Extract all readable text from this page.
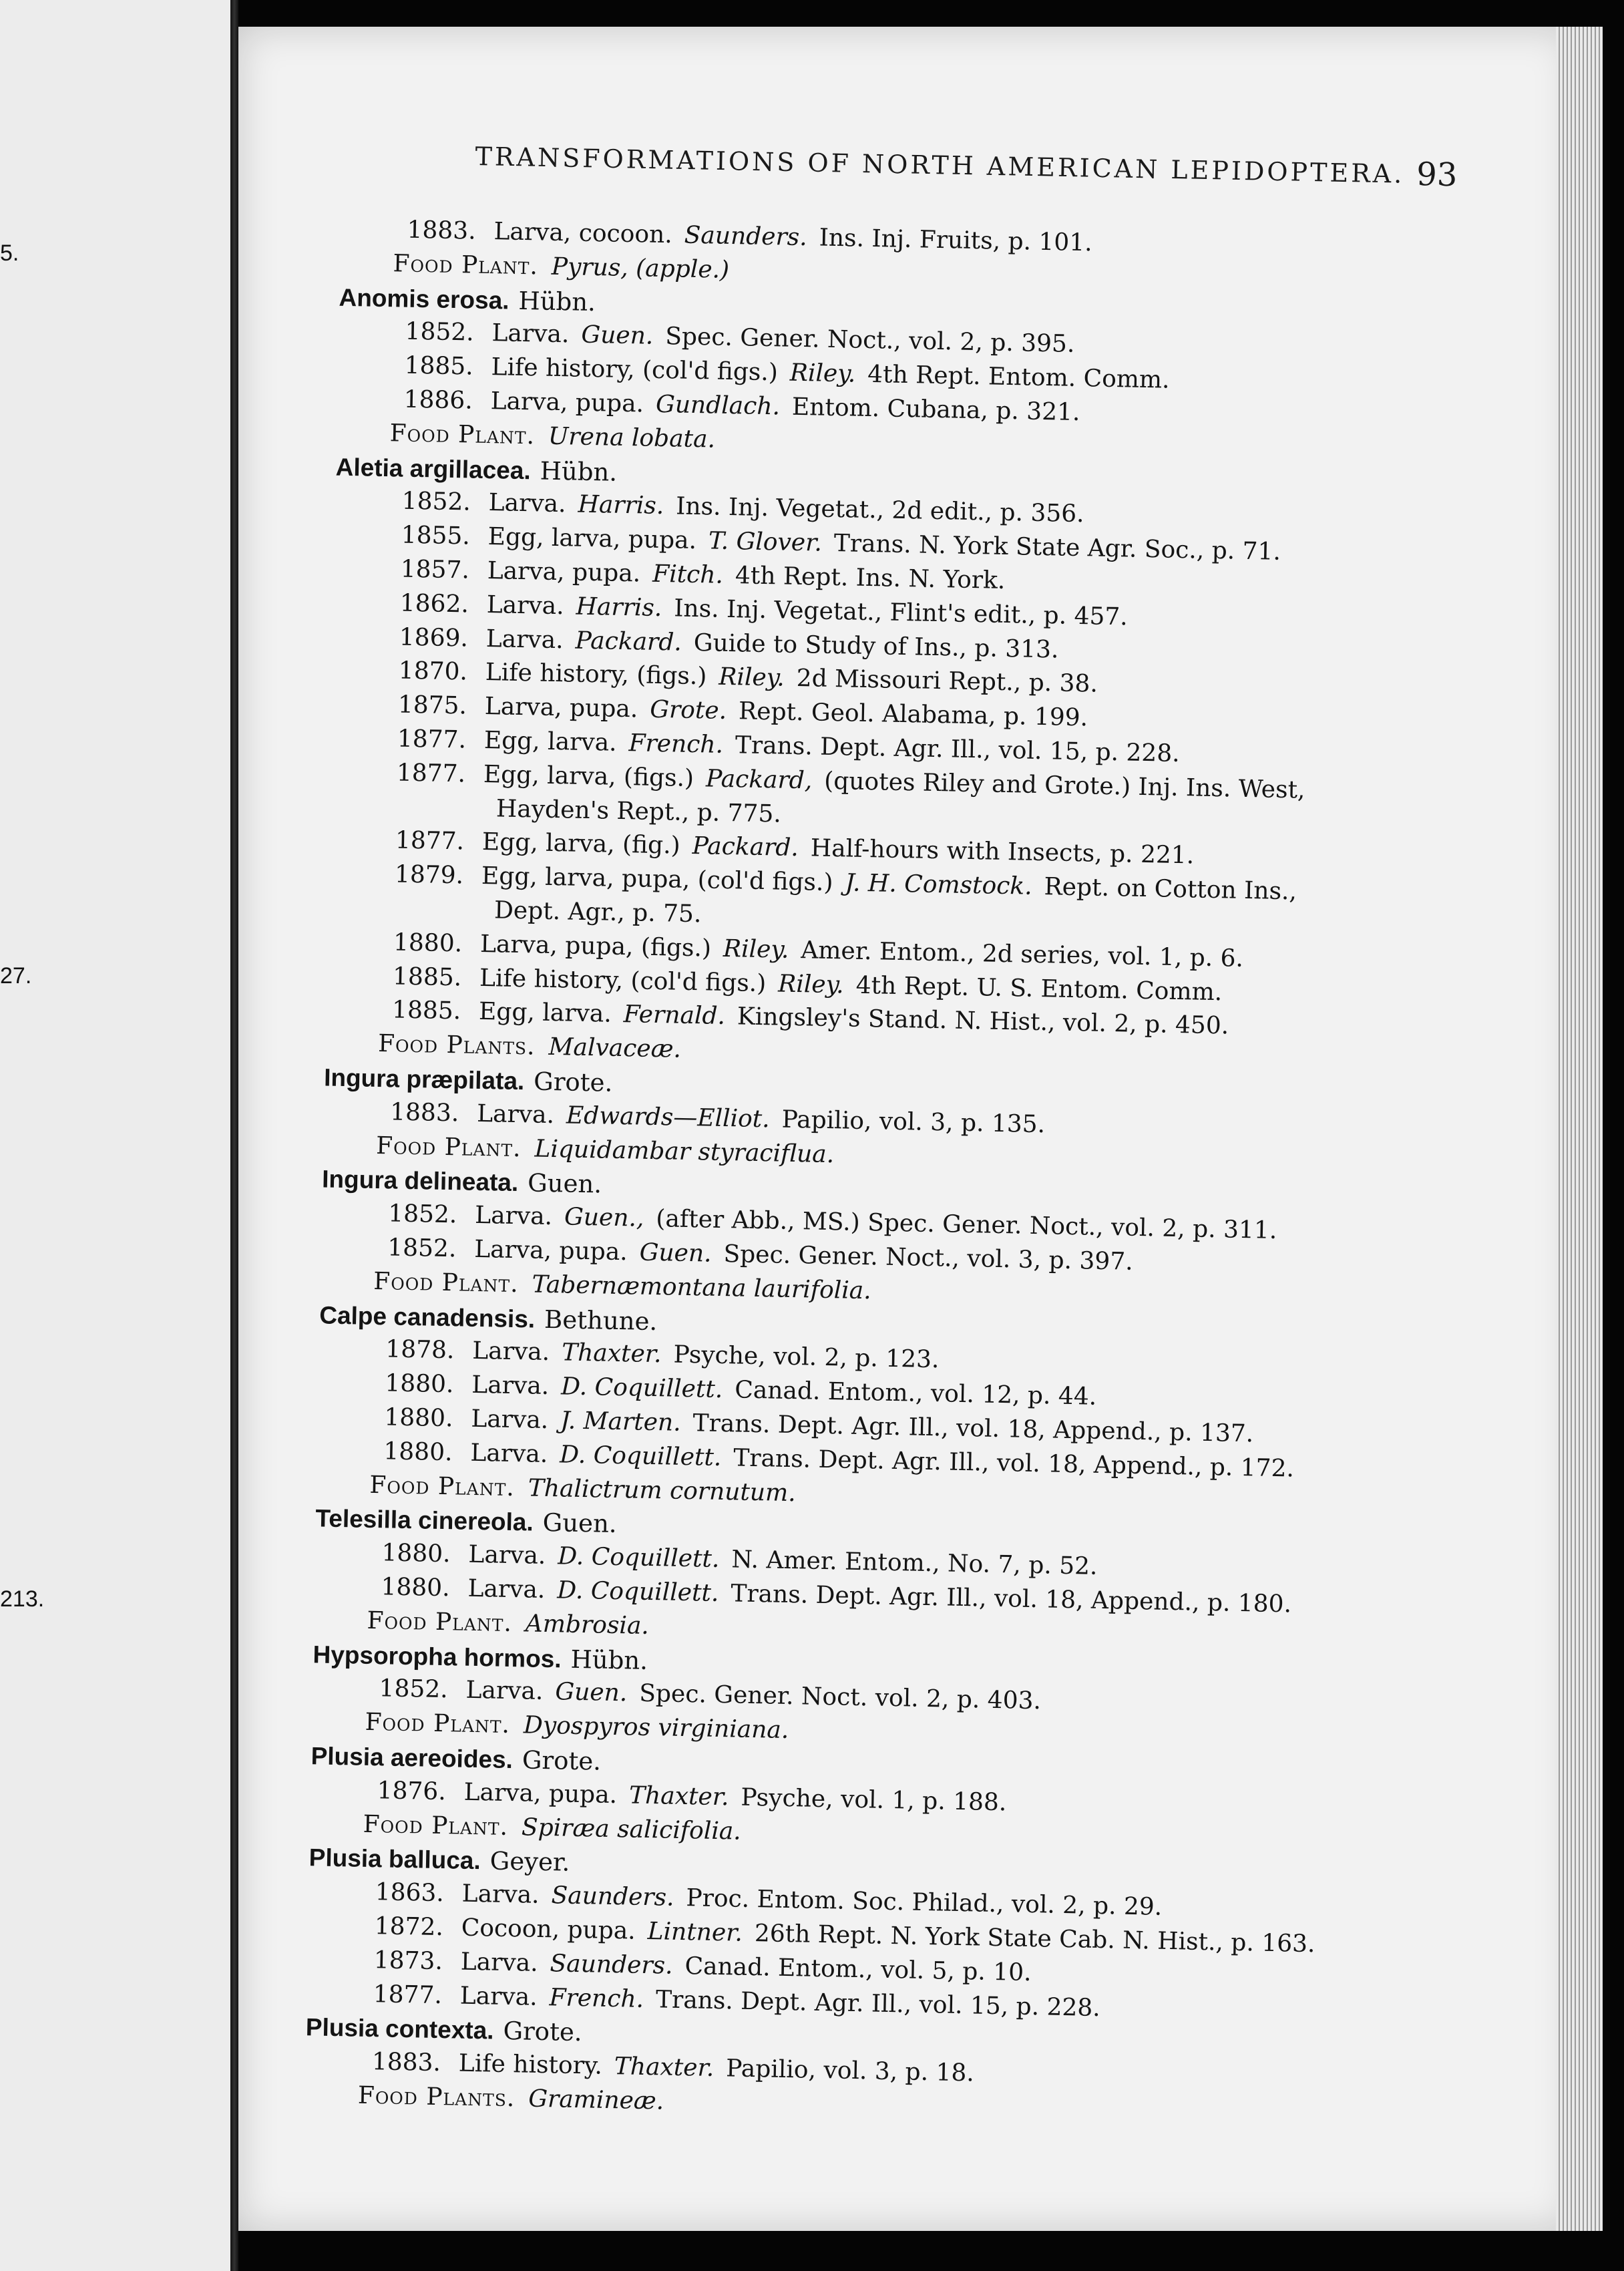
5.
27.
213.
TRANSFORMATIONS OF NORTH AMERICAN LEPIDOPTERA. 93
1883. Larva, cocoon. Saunders. Ins. Inj. Fruits, p. 101.
Food Plant. Pyrus, (apple.)
Anomis erosa. Hübn.
1852. Larva. Guen. Spec. Gener. Noct., vol. 2, p. 395.
1885. Life history, (col'd figs.) Riley. 4th Rept. Entom. Comm.
1886. Larva, pupa. Gundlach. Entom. Cubana, p. 321.
Food Plant. Urena lobata.
Aletia argillacea. Hübn.
1852. Larva. Harris. Ins. Inj. Vegetat., 2d edit., p. 356.
1855. Egg, larva, pupa. T. Glover. Trans. N. York State Agr. Soc., p. 71.
1857. Larva, pupa. Fitch. 4th Rept. Ins. N. York.
1862. Larva. Harris. Ins. Inj. Vegetat., Flint's edit., p. 457.
1869. Larva. Packard. Guide to Study of Ins., p. 313.
1870. Life history, (figs.) Riley. 2d Missouri Rept., p. 38.
1875. Larva, pupa. Grote. Rept. Geol. Alabama, p. 199.
1877. Egg, larva. French. Trans. Dept. Agr. Ill., vol. 15, p. 228.
1877. Egg, larva, (figs.) Packard, (quotes Riley and Grote.) Inj. Ins. West,
Hayden's Rept., p. 775.
1877. Egg, larva, (fig.) Packard. Half-hours with Insects, p. 221.
1879. Egg, larva, pupa, (col'd figs.) J. H. Comstock. Rept. on Cotton Ins.,
Dept. Agr., p. 75.
1880. Larva, pupa, (figs.) Riley. Amer. Entom., 2d series, vol. 1, p. 6.
1885. Life history, (col'd figs.) Riley. 4th Rept. U. S. Entom. Comm.
1885. Egg, larva. Fernald. Kingsley's Stand. N. Hist., vol. 2, p. 450.
Food Plants. Malvaceæ.
Ingura præpilata. Grote.
1883. Larva. Edwards—Elliot. Papilio, vol. 3, p. 135.
Food Plant. Liquidambar styraciflua.
Ingura delineata. Guen.
1852. Larva. Guen., (after Abb., MS.) Spec. Gener. Noct., vol. 2, p. 311.
1852. Larva, pupa. Guen. Spec. Gener. Noct., vol. 3, p. 397.
Food Plant. Tabernæmontana laurifolia.
Calpe canadensis. Bethune.
1878. Larva. Thaxter. Psyche, vol. 2, p. 123.
1880. Larva. D. Coquillett. Canad. Entom., vol. 12, p. 44.
1880. Larva. J. Marten. Trans. Dept. Agr. Ill., vol. 18, Append., p. 137.
1880. Larva. D. Coquillett. Trans. Dept. Agr. Ill., vol. 18, Append., p. 172.
Food Plant. Thalictrum cornutum.
Telesilla cinereola. Guen.
1880. Larva. D. Coquillett. N. Amer. Entom., No. 7, p. 52.
1880. Larva. D. Coquillett. Trans. Dept. Agr. Ill., vol. 18, Append., p. 180.
Food Plant. Ambrosia.
Hypsoropha hormos. Hübn.
1852. Larva. Guen. Spec. Gener. Noct. vol. 2, p. 403.
Food Plant. Dyospyros virginiana.
Plusia aereoides. Grote.
1876. Larva, pupa. Thaxter. Psyche, vol. 1, p. 188.
Food Plant. Spiræa salicifolia.
Plusia balluca. Geyer.
1863. Larva. Saunders. Proc. Entom. Soc. Philad., vol. 2, p. 29.
1872. Cocoon, pupa. Lintner. 26th Rept. N. York State Cab. N. Hist., p. 163.
1873. Larva. Saunders. Canad. Entom., vol. 5, p. 10.
1877. Larva. French. Trans. Dept. Agr. Ill., vol. 15, p. 228.
Plusia contexta. Grote.
1883. Life history. Thaxter. Papilio, vol. 3, p. 18.
Food Plants. Gramineæ.
